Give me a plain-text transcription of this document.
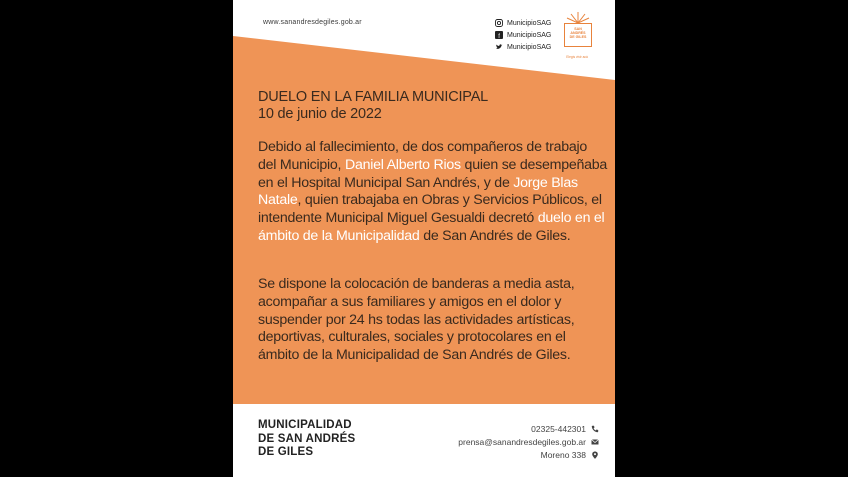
www.sanandresdegiles.gob.ar	MunicipioSAG
f MunicipioSAG
MunicipioSAG
SAN
ANDRÉS
DE GILES
Elegís vivir acá
DUELO EN LA FAMILIA MUNICIPAL
10 de junio de 2022
Debido al fallecimiento, de dos compañeros de trabajo del Municipio, Daniel Alberto Rios quien se desempeñaba en el Hospital Municipal San Andrés, y de Jorge Blas Natale, quien trabajaba en Obras y Servicios Públicos, el intendente Municipal Miguel Gesualdi decretó duelo en el ámbito de la Municipalidad de San Andrés de Giles.
Se dispone la colocación de banderas a media asta, acompañar a sus familiares y amigos en el dolor y suspender por 24 hs todas las actividades artísticas, deportivas, culturales, sociales y protocolares en el ámbito de la Municipalidad de San Andrés de Giles.
MUNICIPALIDAD
DE SAN ANDRÉS
DE GILES
02325-442301
prensa@sanandresdegiles.gob.ar
Moreno 338
